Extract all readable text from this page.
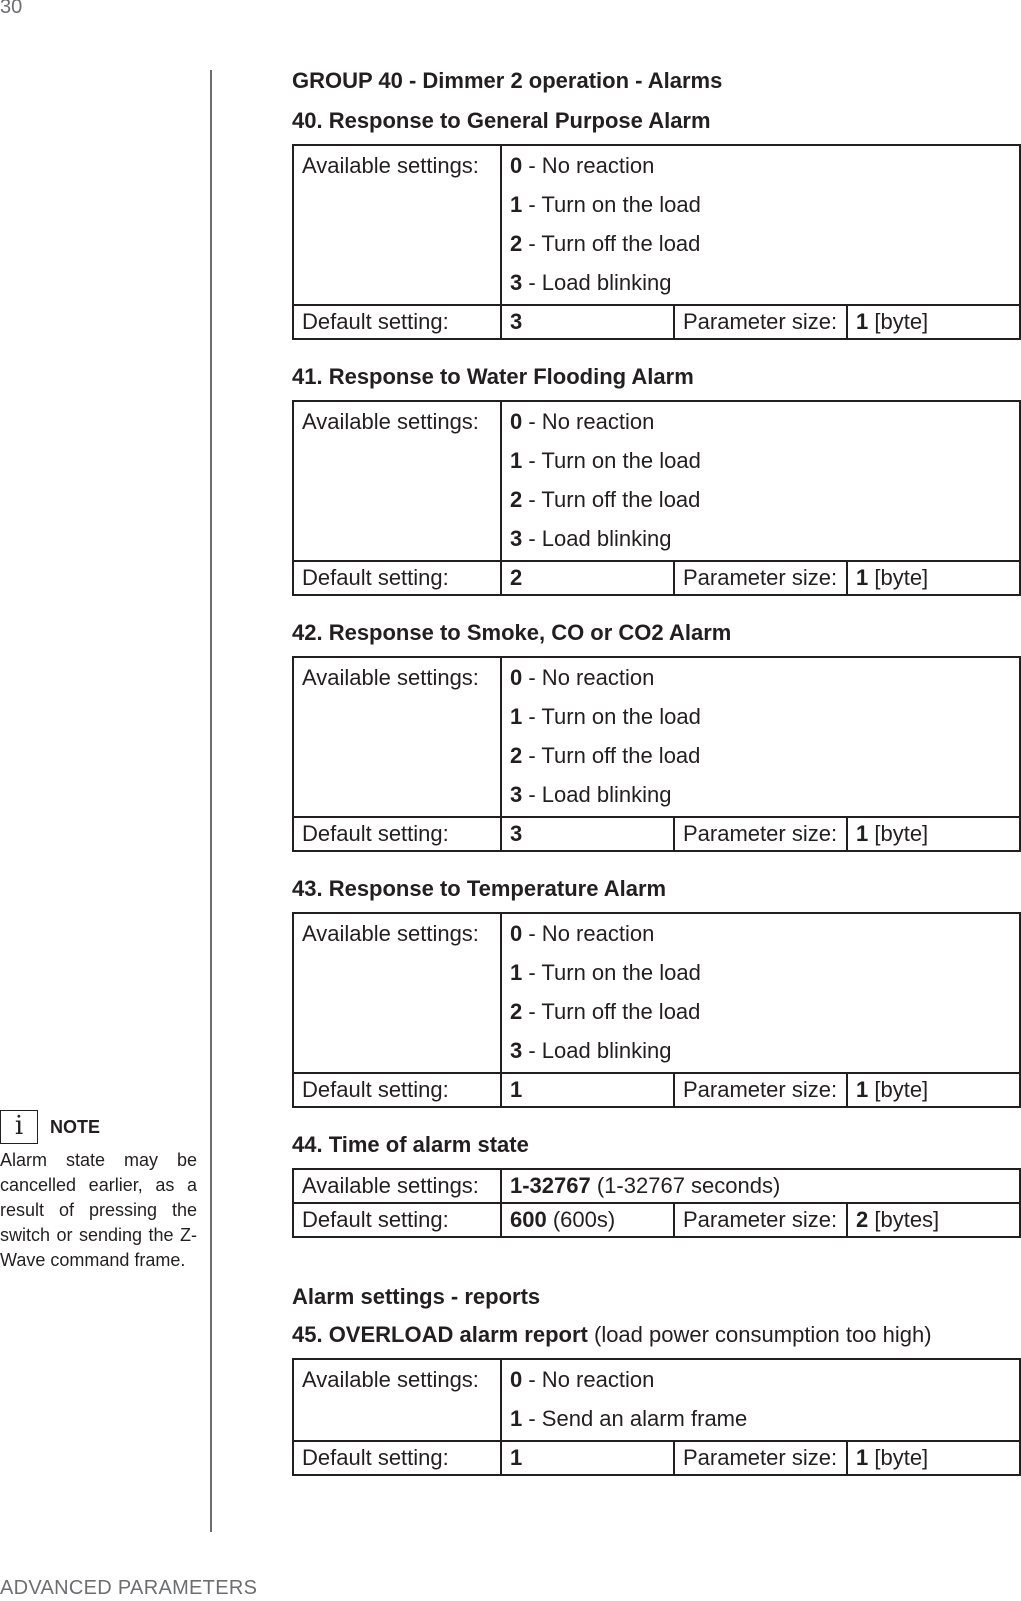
30
i	NOTE
Alarm state may be cancelled earlier, as a result of pressing the switch or sending the Z-Wave command frame.
GROUP 40 - Dimmer 2 operation - Alarms
40. Response to General Purpose Alarm
Available settings:	0 - No reaction
1 - Turn on the load
2 - Turn off the load
3 - Load blinking		

Default setting:	3	Parameter size:	1 [byte]
41. Response to Water Flooding Alarm
Available settings:	0 - No reaction
1 - Turn on the load
2 - Turn off the load
3 - Load blinking		

Default setting:	2	Parameter size:	1 [byte]
42. Response to Smoke, CO or CO2 Alarm
Available settings:	0 - No reaction
1 - Turn on the load
2 - Turn off the load
3 - Load blinking		

Default setting:	3	Parameter size:	1 [byte]
43. Response to Temperature Alarm
Available settings:	0 - No reaction
1 - Turn on the load
2 - Turn off the load
3 - Load blinking		

Default setting:	1	Parameter size:	1 [byte]
44. Time of alarm state
Available settings:	1-32767 (1-32767 seconds)		
Default setting:	600 (600s)	Parameter size:	2 [bytes]
Alarm settings - reports
45. OVERLOAD alarm report (load power consumption too high)
Available settings:	0 - No reaction
1 - Send an alarm frame		

Default setting:	1	Parameter size:	1 [byte]
ADVANCED PARAMETERS
